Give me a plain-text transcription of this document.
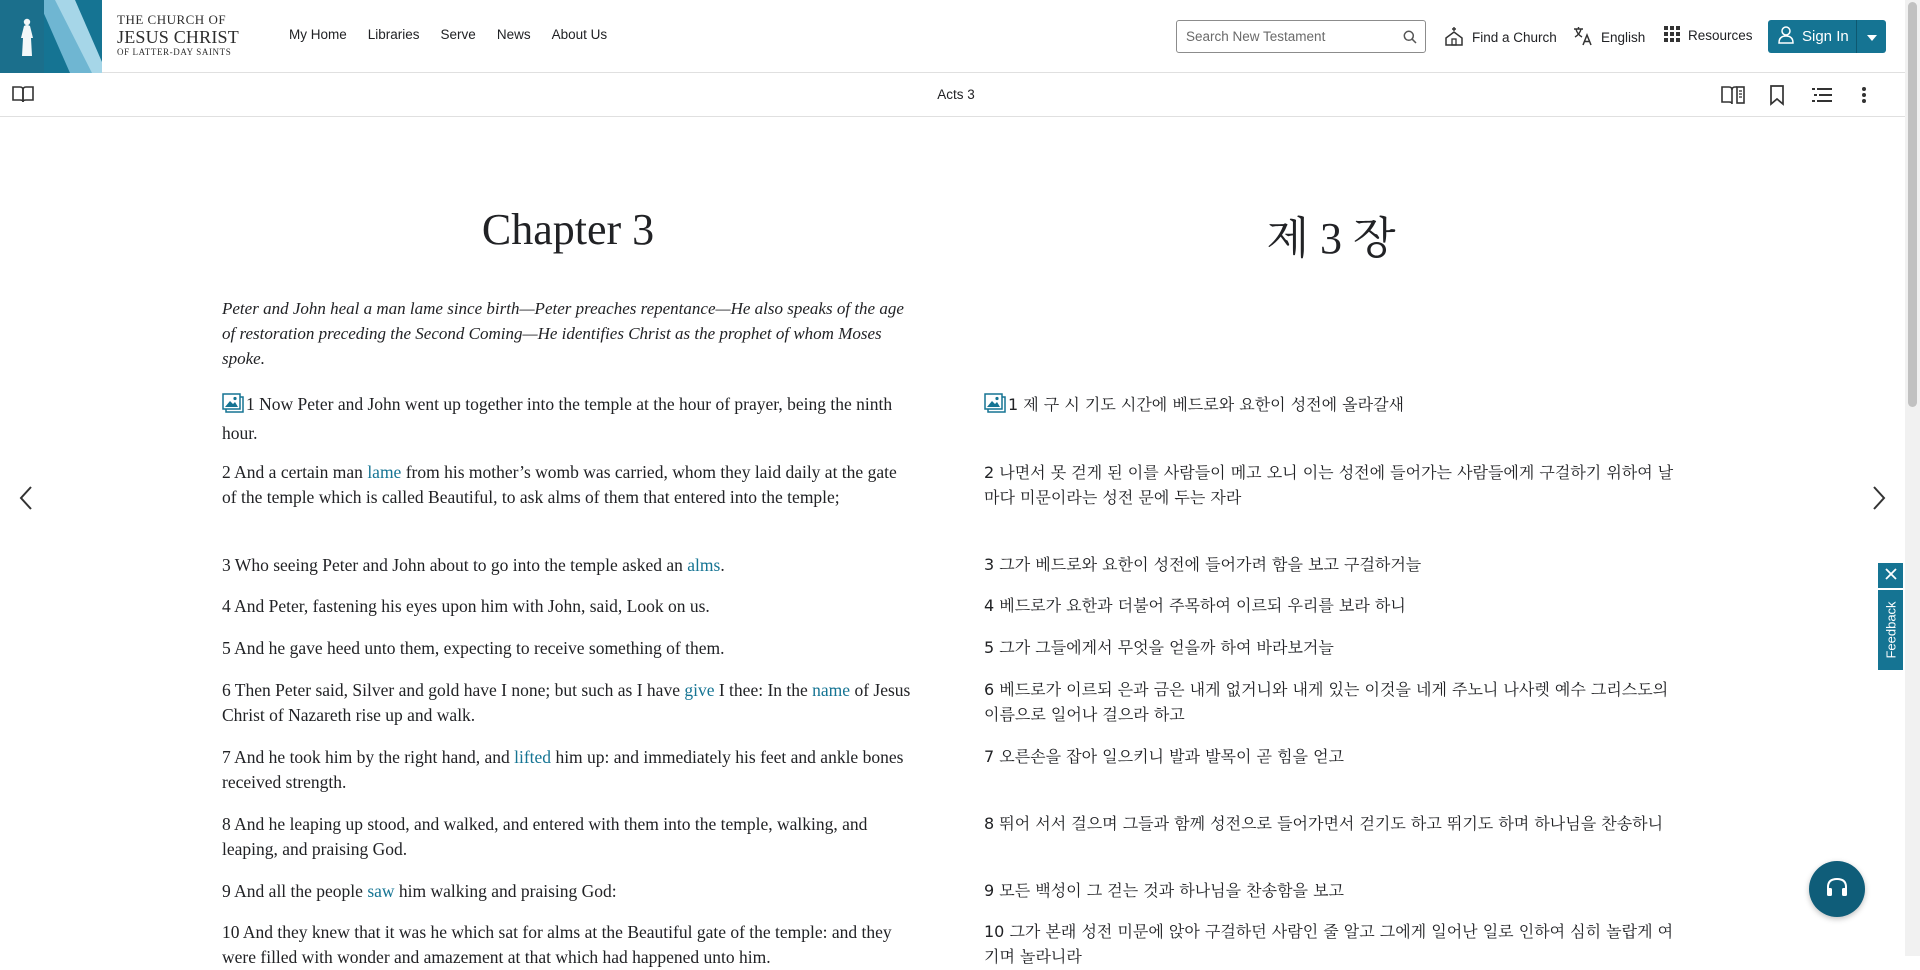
THE CHURCH OF
JESUS CHRIST
OF LATTER-DAY SAINTS
My Home Libraries Serve News About Us
Search New Testament	Find a Church	English	Resources	Sign In
Acts 3
Chapter 3

Peter and John heal a man lame since birth—Peter preaches repentance—He also speaks of the age of restoration preceding the Second Coming—He identifies Christ as the prophet of whom Moses spoke.

1 Now Peter and John went up together into the temple at the hour of prayer, being the ninth hour.

2 And a certain man lame from his mother’s womb was carried, whom they laid daily at the gate of the temple which is called Beautiful, to ask alms of them that entered into the temple;

3 Who seeing Peter and John about to go into the temple asked an alms.

4 And Peter, fastening his eyes upon him with John, said, Look on us.

5 And he gave heed unto them, expecting to receive something of them.

6 Then Peter said, Silver and gold have I none; but such as I have give I thee: In the name of Jesus Christ of Nazareth rise up and walk.

7 And he took him by the right hand, and lifted him up: and immediately his feet and ankle bones received strength.

8 And he leaping up stood, and walked, and entered with them into the temple, walking, and leaping, and praising God.

9 And all the people saw him walking and praising God:

10 And they knew that it was he which sat for alms at the Beautiful gate of the temple: and they were filled with wonder and amazement at that which had happened unto him.

제 3 장

1 제 구 시 기도 시간에 베드로와 요한이 성전에 올라갈새

2 나면서 못 걷게 된 이를 사람들이 메고 오니 이는 성전에 들어가는 사람들에게 구걸하기 위하여 날마다 미문이라는 성전 문에 두는 자라

3 그가 베드로와 요한이 성전에 들어가려 함을 보고 구걸하거늘

4 베드로가 요한과 더불어 주목하여 이르되 우리를 보라 하니

5 그가 그들에게서 무엇을 얻을까 하여 바라보거늘

6 베드로가 이르되 은과 금은 내게 없거니와 내게 있는 이것을 네게 주노니 나사렛 예수 그리스도의 이름으로 일어나 걸으라 하고

7 오른손을 잡아 일으키니 발과 발목이 곧 힘을 얻고

8 뛰어 서서 걸으며 그들과 함께 성전으로 들어가면서 걷기도 하고 뛰기도 하며 하나님을 찬송하니

9 모든 백성이 그 걷는 것과 하나님을 찬송함을 보고

10 그가 본래 성전 미문에 앉아 구걸하던 사람인 줄 알고 그에게 일어난 일로 인하여 심히 놀랍게 여기며 놀라니라

Feedback
